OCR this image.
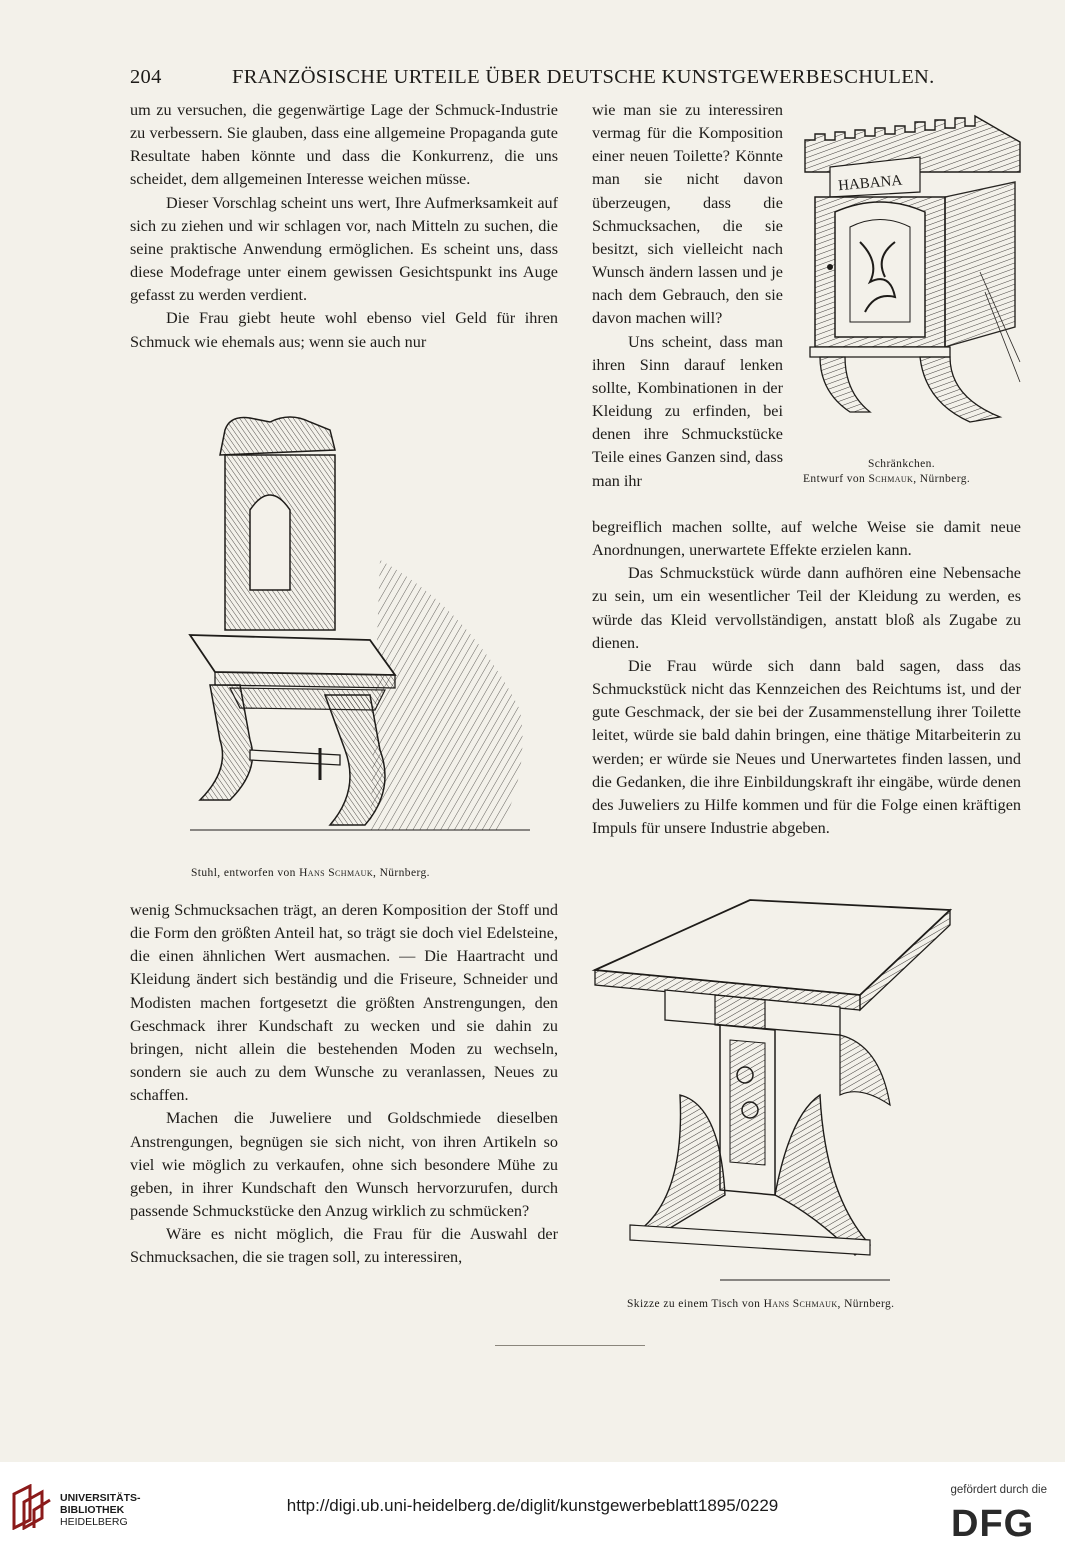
204	FRANZÖSISCHE URTEILE ÜBER DEUTSCHE KUNSTGEWERBESCHULEN.

um zu versuchen, die gegenwärtige Lage der Schmuck-Industrie zu verbessern. Sie glauben, dass eine allgemeine Propaganda gute Resultate haben könnte und dass die Konkurrenz, die uns scheidet, dem allgemeinen Interesse weichen müsse.

Dieser Vorschlag scheint uns wert, Ihre Aufmerksamkeit auf sich zu ziehen und wir schlagen vor, nach Mitteln zu suchen, die seine praktische Anwendung ermöglichen. Es scheint uns, dass diese Modefrage unter einem gewissen Gesichtspunkt ins Auge gefasst zu werden verdient.

Die Frau giebt heute wohl ebenso viel Geld für ihren Schmuck wie ehemals aus; wenn sie auch nur

Stuhl, entworfen von Hans Schmauk, Nürnberg.

wenig Schmucksachen trägt, an deren Komposition der Stoff und die Form den größten Anteil hat, so trägt sie doch viel Edelsteine, die einen ähnlichen Wert ausmachen. — Die Haartracht und Kleidung ändert sich beständig und die Friseure, Schneider und Modisten machen fortgesetzt die größten Anstrengungen, den Geschmack ihrer Kundschaft zu wecken und sie dahin zu bringen, nicht allein die bestehenden Moden zu wechseln, sondern sie auch zu dem Wunsche zu veranlassen, Neues zu schaffen.

Machen die Juweliere und Goldschmiede dieselben Anstrengungen, begnügen sie sich nicht, von ihren Artikeln so viel wie möglich zu verkaufen, ohne sich besondere Mühe zu geben, in ihrer Kundschaft den Wunsch hervorzurufen, durch passende Schmuckstücke den Anzug wirklich zu schmücken?

Wäre es nicht möglich, die Frau für die Auswahl der Schmucksachen, die sie tragen soll, zu interessiren,

wie man sie zu interessiren vermag für die Komposition einer neuen Toilette? Könnte man sie nicht davon überzeugen, dass die Schmucksachen, die sie besitzt, sich vielleicht nach Wunsch ändern lassen und je nach dem Gebrauch, den sie davon machen will?

Uns scheint, dass man ihren Sinn darauf lenken sollte, Kombinationen in der Kleidung zu erfinden, bei denen ihre Schmuckstücke Teile eines Ganzen sind, dass man ihr

HABANA
Schränkchen.
Entwurf von Schmauk, Nürnberg.

begreiflich machen sollte, auf welche Weise sie damit neue Anordnungen, unerwartete Effekte erzielen kann.

Das Schmuckstück würde dann aufhören eine Nebensache zu sein, um ein wesentlicher Teil der Kleidung zu werden, es würde das Kleid vervollständigen, anstatt bloß als Zugabe zu dienen.

Die Frau würde sich dann bald sagen, dass das Schmuckstück nicht das Kennzeichen des Reichtums ist, und der gute Geschmack, der sie bei der Zusammenstellung ihrer Toilette leitet, würde sie bald dahin bringen, eine thätige Mitarbeiterin zu werden; er würde sie Neues und Unerwartetes finden lassen, und die Gedanken, die ihre Einbildungskraft ihr eingäbe, würde denen des Juweliers zu Hilfe kommen und für die Folge einen kräftigen Impuls für unsere Industrie abgeben.

Skizze zu einem Tisch von Hans Schmauk, Nürnberg.
UNIVERSITÄTS-
BIBLIOTHEK
HEIDELBERG
http://digi.ub.uni-heidelberg.de/diglit/kunstgewerbeblatt1895/0229
gefördert durch die
DFG
